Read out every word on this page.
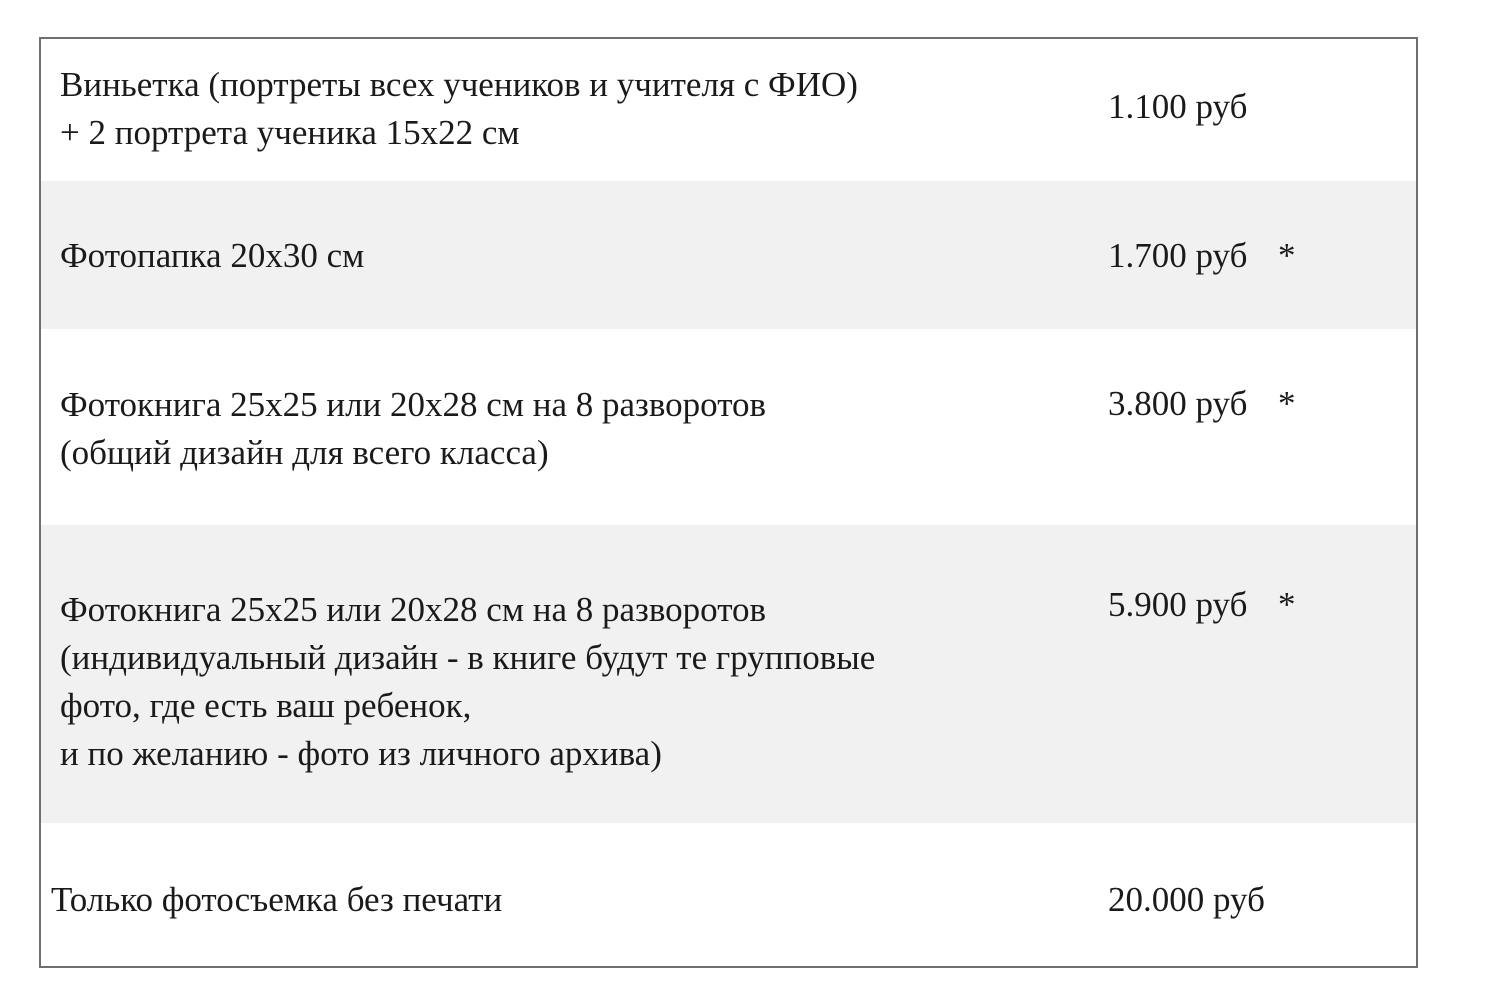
Виньетка (портреты всех учеников и учителя с ФИО)
+ 2 портрета ученика 15х22 см
1.100 руб
Фотопапка 20х30 см	1.700 руб *
Фотокнига 25х25 или 20х28 см на 8 разворотов
(общий дизайн для всего класса)
3.800 руб *
Фотокнига 25х25 или 20х28 см на 8 разворотов
(индивидуальный дизайн - в книге будут те групповые
фото, где есть ваш ребенок,
и по желанию - фото из личного архива)
5.900 руб *
Только фотосъемка без печати	20.000 руб
